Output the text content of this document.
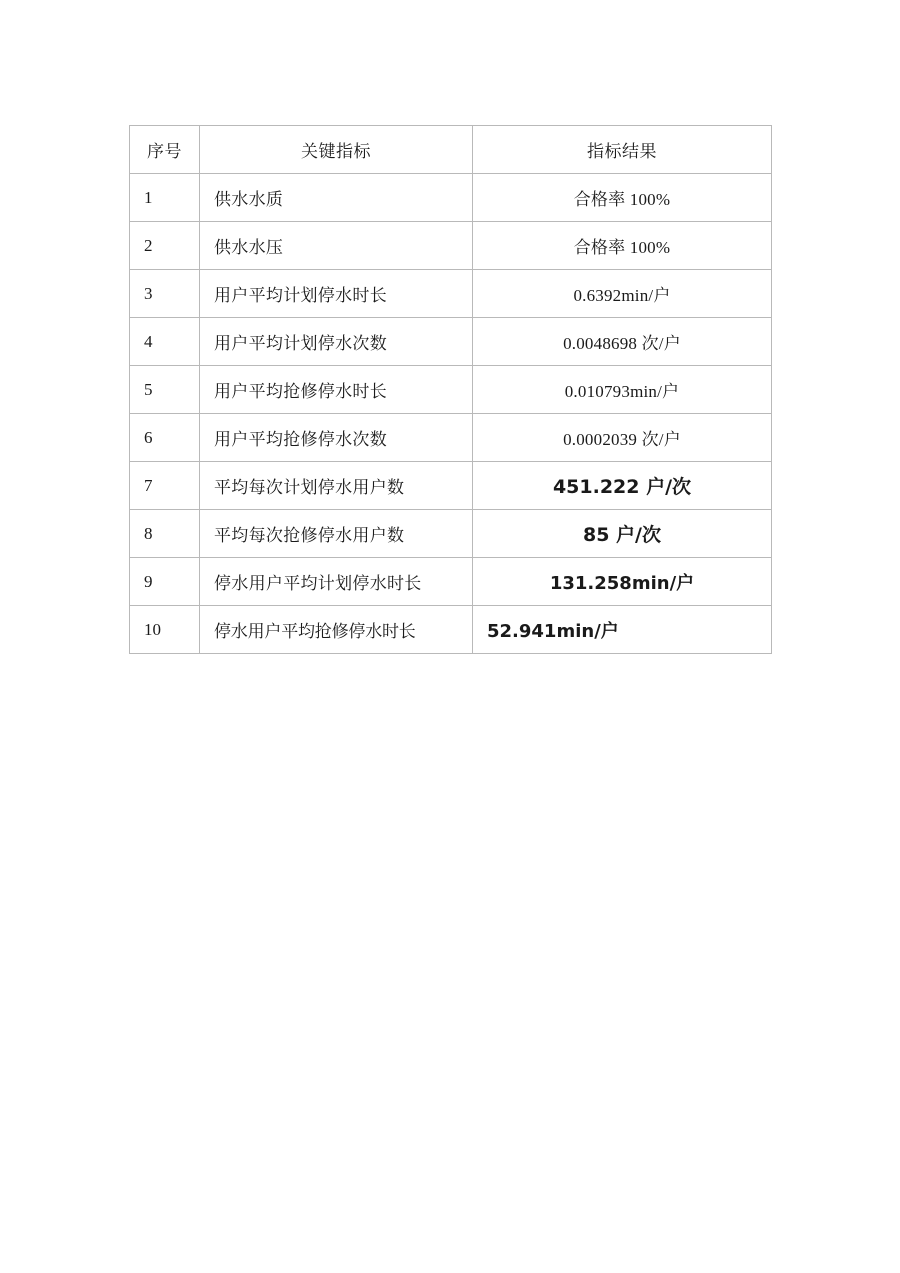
序号	关键指标	指标结果

1	供水水质	合格率 100%

2	供水水压	合格率 100%

3	用户平均计划停水时长	0.6392min/户

4	用户平均计划停水次数	0.0048698 次/户

5	用户平均抢修停水时长	0.010793min/户

6	用户平均抢修停水次数	0.0002039 次/户

7	平均每次计划停水用户数	451.222 户/次

8	平均每次抢修停水用户数	85 户/次

9	停水用户平均计划停水时长	131.258min/户

10	停水用户平均抢修停水时长	52.941min/户
